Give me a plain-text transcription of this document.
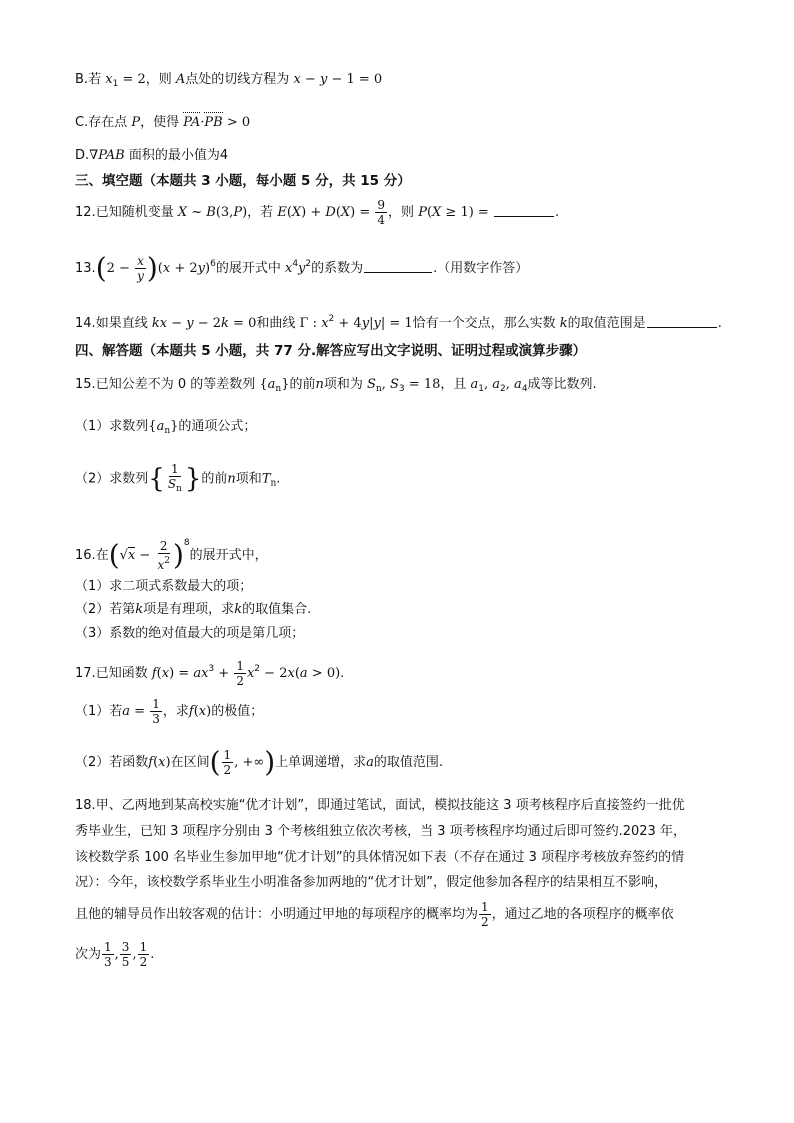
B.若 $x_1 = 2$，则 A点处的切线方程为 x − y − 1 = 0
C.存在点 P，使得 PA·PB > 0
D.∇PAB 面积的最小值为4
三、填空题（本题共 3 小题，每小题 5 分，共 15 分）
12.已知随机变量 X ~ B(3,P)，若 $E(X) + D(X) = \frac{9}{4}$ ，则 P(X ≥ 1) =	.
$13.(2 - \frac{x}{y} )(x + 2y)^6$的展开式中 $x^4y^2$的系数为	.（用数字作答）
14.如果直线 kx − y − 2k = 0和曲线 Γ : $x^2 + 4y|y| = 1$恰有一个交点，那么实数 k的取值范围是	.
四、解答题（本题共 5 小题，共 77 分.解答应写出文字说明、证明过程或演算步骤）
15.已知公差不为 0 的等差数列 $\{a_n\}$的前n项和为 $S_n$, $S_3 = 18$，且 $a_1$, $a_2$, $a_4$成等比数列.
（1）求数列$\{a_n\}$的通项公式；
（2）求数列{ $\frac{1}{S_n}$ }的前n项和$T_n$.
16.在$(√x - \frac{2}{x^2} )^8$的展开式中，
（1）求二项式系数最大的项；
（2）若第k项是有理项，求k的取值集合.
（3）系数的绝对值最大的项是第几项；
17.已知函数 $f(x) = ax^3 + \frac{1}{2} x^2 - 2x(a > 0)$.
（1）若$a = \frac{1}{3}$ ，求f(x)的极值；
（2）若函数f(x)在区间( $\frac{1}{2}$ , +∞)上单调递增，求a的取值范围.
18.甲、乙两地到某高校实施“优才计划”，即通过笔试，面试，模拟技能这 3 项考核程序后直接签约一批优
秀毕业生，已知 3 项程序分别由 3 个考核组独立依次考核，当 3 项考核程序均通过后即可签约.2023 年，
该校数学系 100 名毕业生参加甲地“优才计划”的具体情况如下表（不存在通过 3 项程序考核放弃签约的情
况）：今年，该校数学系毕业生小明准备参加两地的“优才计划”，假定他参加各程序的结果相互不影响，
且他的辅导员作出较客观的估计：小明通过甲地的每项程序的概率均为 $\frac{1}{2}$ ，通过乙地的各项程序的概率依
次为 $\frac{1}{3}$ , $\frac{3}{5}$ , $\frac{1}{2}$ .
